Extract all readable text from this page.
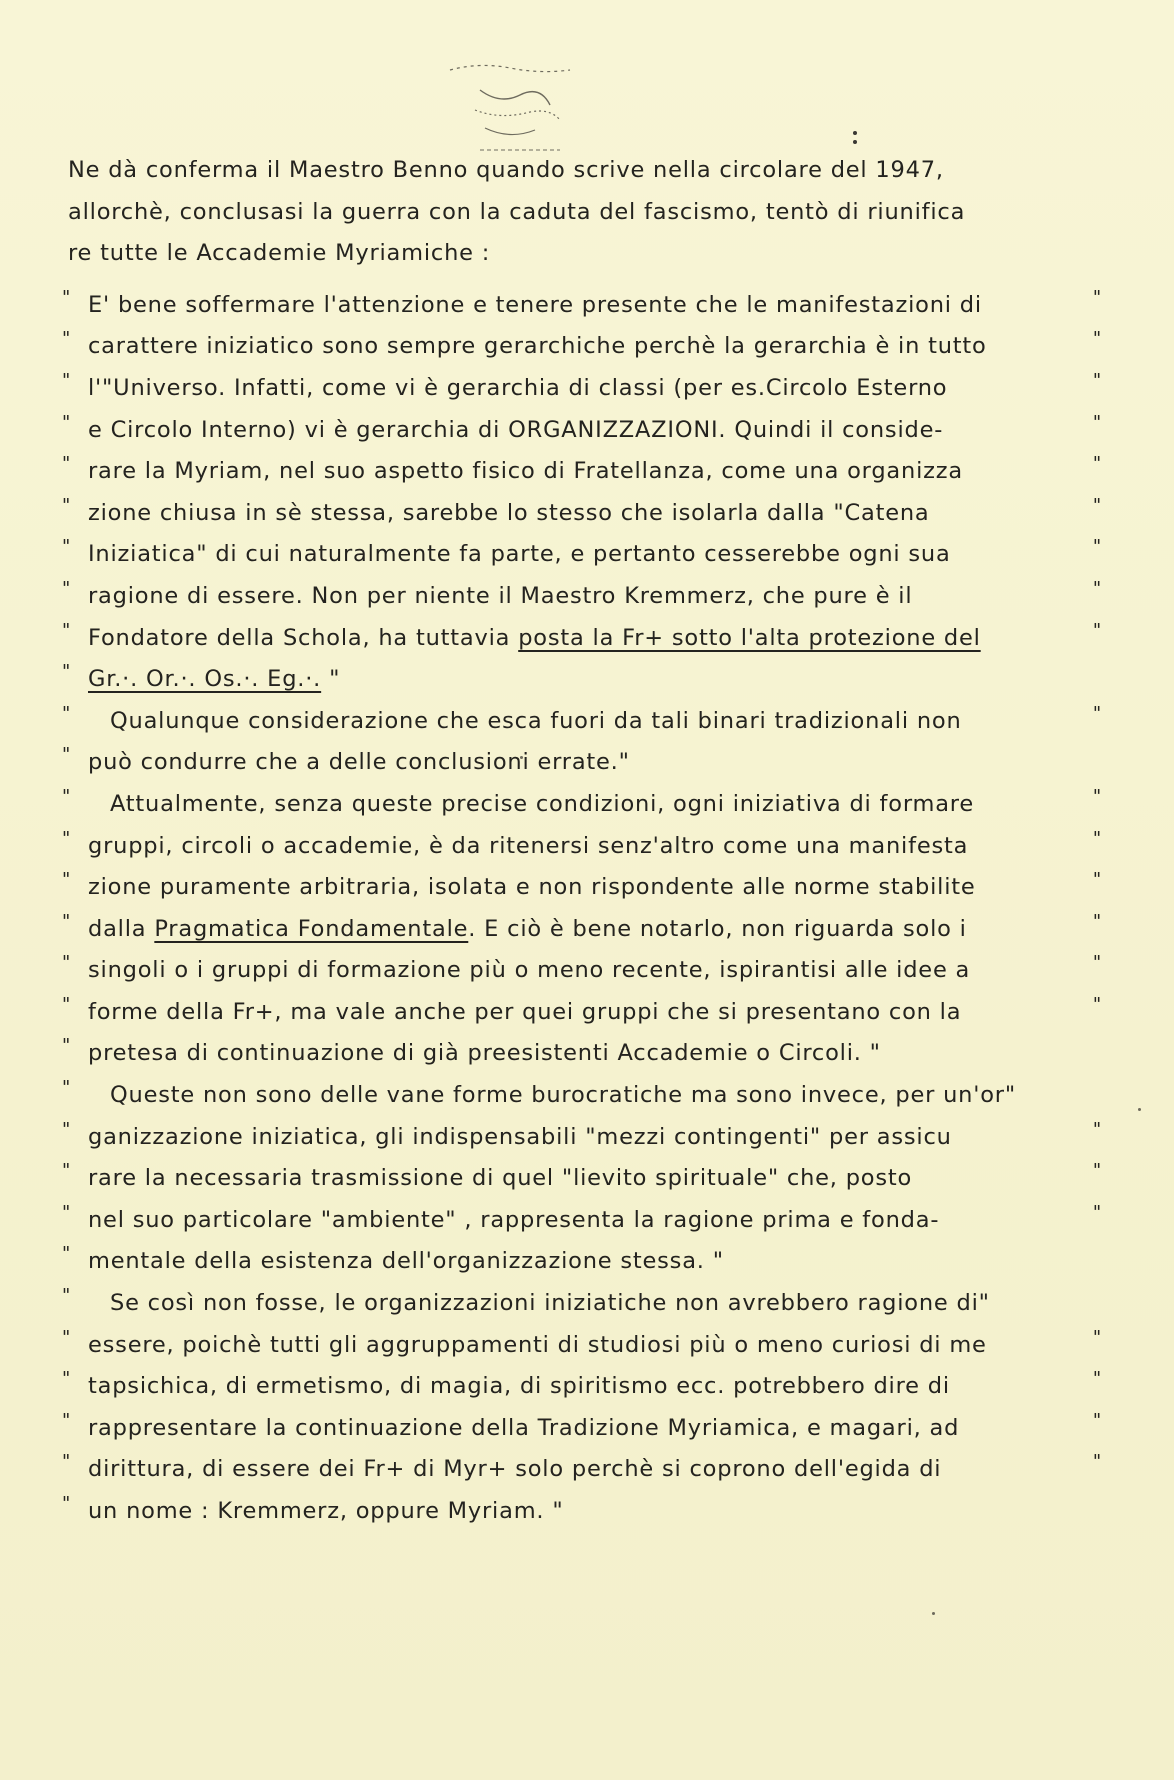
Ne dà conferma il Maestro Benno quando scrive nella circolare del 1947,
allorchè, conclusasi la guerra con la caduta del fascismo, tentò di riunifica
re tutte le Accademie Myriamiche :
" E' bene soffermare l'attenzione e tenere presente che le manifestazioni di	"
" carattere iniziatico sono sempre gerarchiche perchè la gerarchia è in tutto	"
" l'"Universo. Infatti, come vi è gerarchia di classi (per es.Circolo Esterno	"
" e Circolo Interno) vi è gerarchia di ORGANIZZAZIONI. Quindi il conside-	"
" rare la Myriam, nel suo aspetto fisico di Fratellanza, come una organizza	"
" zione chiusa in sè stessa, sarebbe lo stesso che isolarla dalla "Catena	"
" Iniziatica" di cui naturalmente fa parte, e pertanto cesserebbe ogni sua	"
" ragione di essere. Non per niente il Maestro Kremmerz, che pure è il	"
" Fondatore della Schola, ha tuttavia posta la Fr+ sotto l'alta protezione del	"
" Gr.·. Or.·. Os.·. Eg.·. "
"	Qualunque considerazione che esca fuori da tali binari tradizionali non	"
" può condurre che a delle conclusioni errate."
"	Attualmente, senza queste precise condizioni, ogni iniziativa di formare	"
" gruppi, circoli o accademie, è da ritenersi senz'altro come una manifesta	"
" zione puramente arbitraria, isolata e non rispondente alle norme stabilite	"
" dalla Pragmatica Fondamentale. E ciò è bene notarlo, non riguarda solo i	"
" singoli o i gruppi di formazione più o meno recente, ispirantisi alle idee a	"
" forme della Fr+, ma vale anche per quei gruppi che si presentano con la	"
" pretesa di continuazione di già preesistenti Accademie o Circoli. "
"	Queste non sono delle vane forme burocratiche ma sono invece, per un'or"
" ganizzazione iniziatica, gli indispensabili "mezzi contingenti" per assicu	"
" rare la necessaria trasmissione di quel "lievito spirituale" che, posto	"
" nel suo particolare "ambiente" , rappresenta la ragione prima e fonda-	"
" mentale della esistenza dell'organizzazione stessa. "
"	Se così non fosse, le organizzazioni iniziatiche non avrebbero ragione di"
" essere, poichè tutti gli aggruppamenti di studiosi più o meno curiosi di me	"
" tapsichica, di ermetismo, di magia, di spiritismo ecc. potrebbero dire di	"
" rappresentare la continuazione della Tradizione Myriamica, e magari, ad	"
" dirittura, di essere dei Fr+ di Myr+ solo perchè si coprono dell'egida di	"
" un nome : Kremmerz, oppure Myriam. "
